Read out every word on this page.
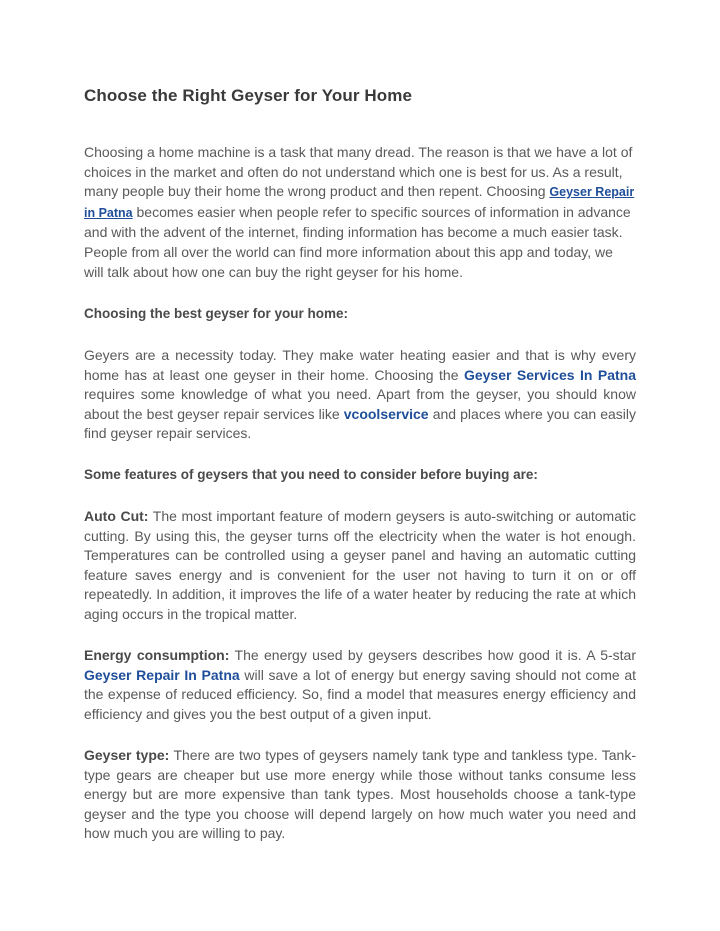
Choose the Right Geyser for Your Home

Choosing a home machine is a task that many dread. The reason is that we have a lot of choices in the market and often do not understand which one is best for us. As a result, many people buy their home the wrong product and then repent. Choosing Geyser Repair in Patna becomes easier when people refer to specific sources of information in advance and with the advent of the internet, finding information has become a much easier task. People from all over the world can find more information about this app and today, we will talk about how one can buy the right geyser for his home.

Choosing the best geyser for your home:

Geyers are a necessity today. They make water heating easier and that is why every home has at least one geyser in their home. Choosing the Geyser Services In Patna requires some knowledge of what you need. Apart from the geyser, you should know about the best geyser repair services like vcoolservice and places where you can easily find geyser repair services.

Some features of geysers that you need to consider before buying are:

Auto Cut: The most important feature of modern geysers is auto-switching or automatic cutting. By using this, the geyser turns off the electricity when the water is hot enough. Temperatures can be controlled using a geyser panel and having an automatic cutting feature saves energy and is convenient for the user not having to turn it on or off repeatedly. In addition, it improves the life of a water heater by reducing the rate at which aging occurs in the tropical matter.

Energy consumption: The energy used by geysers describes how good it is. A 5-star Geyser Repair In Patna will save a lot of energy but energy saving should not come at the expense of reduced efficiency. So, find a model that measures energy efficiency and efficiency and gives you the best output of a given input.

Geyser type: There are two types of geysers namely tank type and tankless type. Tank-type gears are cheaper but use more energy while those without tanks consume less energy but are more expensive than tank types. Most households choose a tank-type geyser and the type you choose will depend largely on how much water you need and how much you are willing to pay.
